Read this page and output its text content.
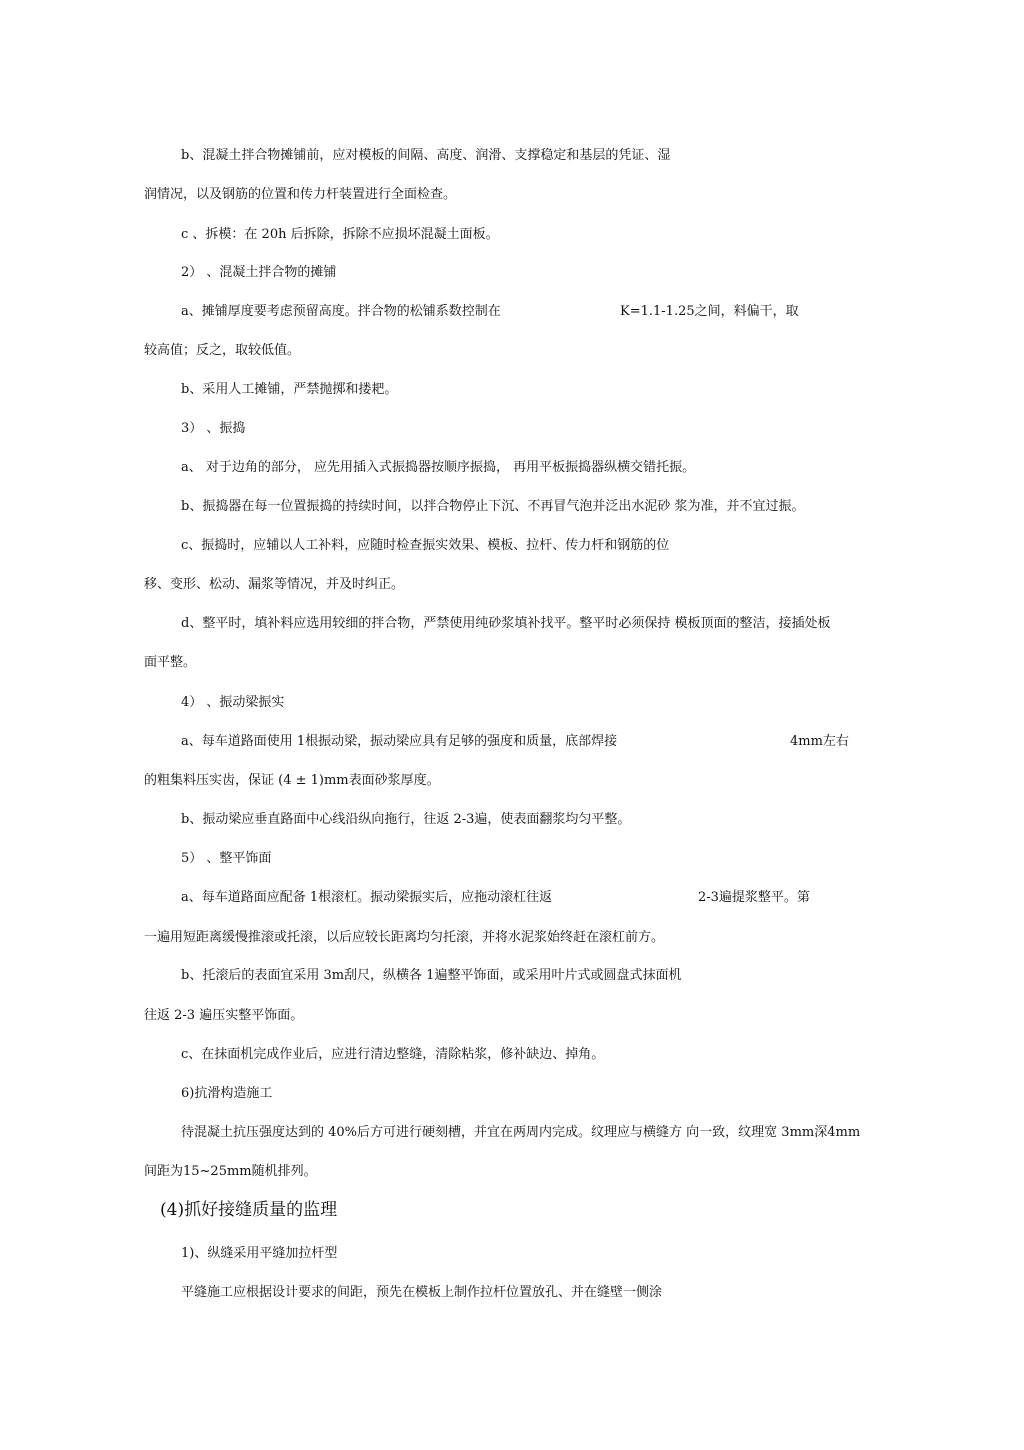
b、混凝土拌合物摊铺前，应对模板的间隔、高度、润滑、支撑稳定和基层的凭证、湿

润情况，以及钢筋的位置和传力杆装置进行全面检查。

c 、拆模：在 20h 后拆除，拆除不应损坏混凝土面板。

2） 、混凝土拌合物的摊铺

a、摊铺厚度要考虑预留高度。拌合物的松铺系数控制在	K=1.1-1.25之间，料偏干，取

较高值；反之，取较低值。

b、采用人工摊铺，严禁抛掷和搂耙。

3） 、振捣

a、 对于边角的部分， 应先用插入式振捣器按顺序振捣， 再用平板振捣器纵横交错托振。

b、振捣器在每一位置振捣的持续时间，以拌合物停止下沉、不再冒气泡并泛出水泥砂 浆为准，并不宜过振。

c、振捣时，应辅以人工补料，应随时检查振实效果、模板、拉杆、传力杆和钢筋的位

移、变形、松动、漏浆等情况，并及时纠正。

d、整平时，填补料应选用较细的拌合物，严禁使用纯砂浆填补找平。整平时必须保持 模板顶面的整洁，接插处板

面平整。

4） 、振动梁振实

a、每车道路面使用 1根振动梁，振动梁应具有足够的强度和质量，底部焊接	4mm左右

的粗集料压实齿，保证 (4 ± 1)mm表面砂浆厚度。

b、振动梁应垂直路面中心线沿纵向拖行，往返 2-3遍，使表面翻浆均匀平整。

5） 、整平饰面

a、每车道路面应配备 1根滚杠。振动梁振实后，应拖动滚杠往返	2-3遍提浆整平。第

一遍用短距离缓慢推滚或托滚，以后应较长距离均匀托滚，并将水泥浆始终赶在滚杠前方。

b、托滚后的表面宜采用 3m刮尺，纵横各 1遍整平饰面，或采用叶片式或圆盘式抹面机

往返 2-3 遍压实整平饰面。

c、在抹面机完成作业后，应进行清边整缝，清除粘浆，修补缺边、掉角。

6)抗滑构造施工

待混凝土抗压强度达到的 40%后方可进行硬刻槽，并宜在两周内完成。纹理应与横缝方 向一致，纹理宽 3mm深4mm

间距为15~25mm随机排列。

(4)抓好接缝质量的监理

1)、纵缝采用平缝加拉杆型

平缝施工应根据设计要求的间距，预先在模板上制作拉杆位置放孔、并在缝壁一侧涂
